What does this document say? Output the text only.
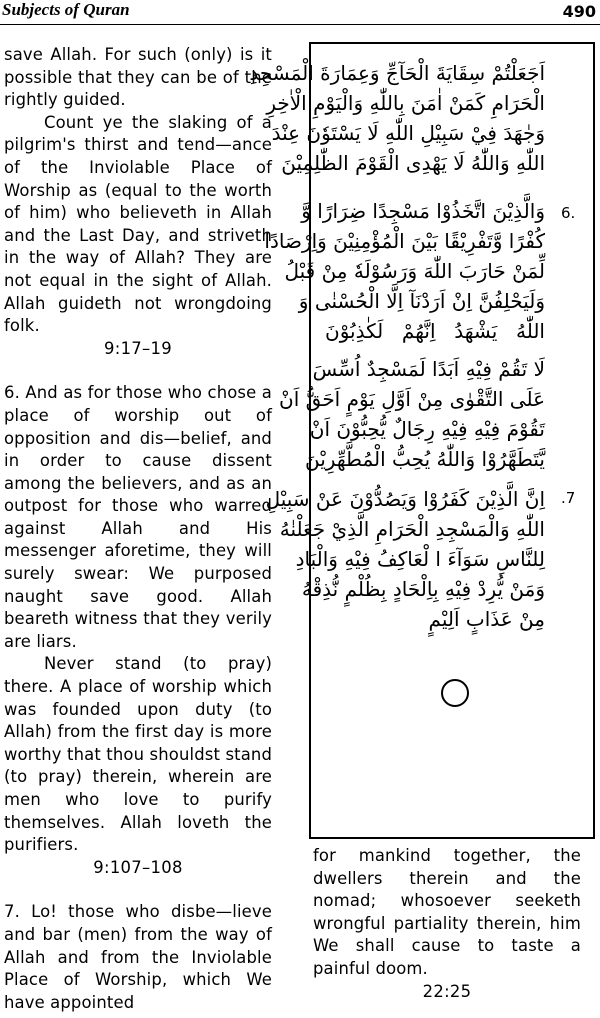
Subjects of Quran	490

save Allah. For such (only) is it possible that they can be of the rightly guided.

Count ye the slaking of a pilgrim's thirst and tend—ance of the Inviolable Place of Worship as (equal to the worth of him) who believeth in Allah and the Last Day, and striveth in the way of Allah? They are not equal in the sight of Allah. Allah guideth not wrongdoing folk.

9:17–19

6. And as for those who chose a place of worship out of opposition and dis—belief, and in order to cause dissent among the believers, and as an outpost for those who warred against Allah and His messenger aforetime, they will surely swear: We purposed naught save good. Allah beareth witness that they verily are liars.

Never stand (to pray) there. A place of worship which was founded upon duty (to Allah) from the first day is more worthy that thou shouldst stand (to pray) therein, wherein are men who love to purify themselves. Allah loveth the purifiers.

9:107–108

7. Lo! those who disbe—lieve and bar (men) from the way of Allah and from the Inviolable Place of Worship, which We have appointed

6.
.7
اَجَعَلْتُمْ سِقَايَةَ الْحَآجِّ وَعِمَارَةَ الْمَسْجِدِ
الْحَرَامِ كَمَنْ اٰمَنَ بِاللّٰهِ وَالْيَوْمِ الْاٰخِرِ
وَجٰهَدَ فِيْ سَبِيْلِ اللّٰهِ لَا يَسْتَوٗنَ عِنْدَ
اللّٰهِ وَاللّٰهُ لَا يَهْدِى الْقَوْمَ الظّٰلِمِيْنَ
وَالَّذِيْنَ اتَّخَذُوْا مَسْجِدًا ضِرَارًا وَّ
كُفْرًا وَّتَفْرِيْقًا بَيْنَ الْمُؤْمِنِيْنَ وَاِرْصَادًا
لِّمَنْ حَارَبَ اللّٰهَ وَرَسُوْلَهٗ مِنْ قَبْلُ
وَلَيَحْلِفُنَّ اِنْ اَرَدْنَآ اِلَّا الْحُسْنٰى وَ
اللّٰهُ يَشْهَدُ اِنَّهُمْ لَكٰذِبُوْنَ
لَا تَقُمْ فِيْهِ اَبَدًا لَمَسْجِدٌ اُسِّسَ
عَلَى التَّقْوٰى مِنْ اَوَّلِ يَوْمٍ اَحَقُّ اَنْ
تَقُوْمَ فِيْهِ فِيْهِ رِجَالٌ يُّحِبُّوْنَ اَنْ
يَّتَطَهَّرُوْا وَاللّٰهُ يُحِبُّ الْمُطَّهِّرِيْنَ
اِنَّ الَّذِيْنَ كَفَرُوْا وَيَصُدُّوْنَ عَنْ سَبِيْلِ
اللّٰهِ وَالْمَسْجِدِ الْحَرَامِ الَّذِيْ جَعَلْنٰهُ
لِلنَّاسِ سَوَآءَ ا لْعَاكِفُ فِيْهِ وَالْبَادِ
وَمَنْ يُّرِدْ فِيْهِ بِاِلْحَادٍ بِظُلْمٍ نُّذِقْهُ
مِنْ عَذَابٍ اَلِيْمٍ

for mankind together, the dwellers therein and the nomad; whosoever seeketh wrongful partiality therein, him We shall cause to taste a painful doom.

22:25
